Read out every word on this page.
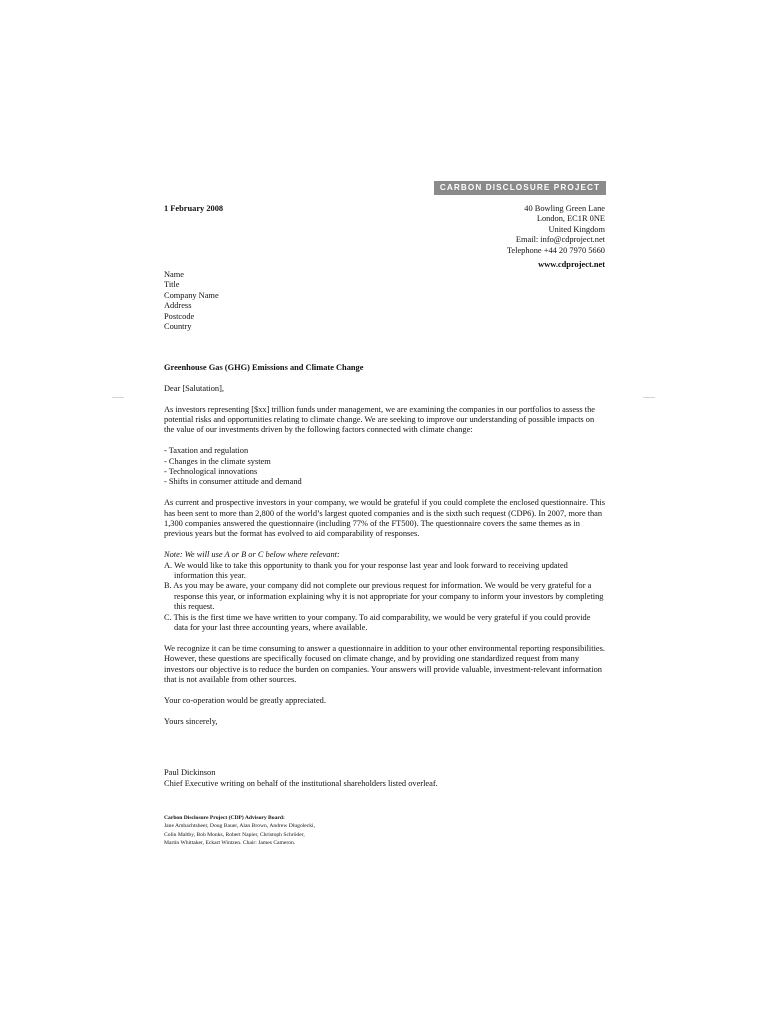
CARBON DISCLOSURE PROJECT
1 February 2008	40 Bowling Green Lane
London, EC1R 0NE
United Kingdom
Email: info@cdproject.net
Telephone +44 20 7970 5660
www.cdproject.net
Name
Title
Company Name
Address
Postcode
Country

Greenhouse Gas (GHG) Emissions and Climate Change

Dear [Salutation],

As investors representing [$xx] trillion funds under management, we are examining the companies in our portfolios to assess the potential risks and opportunities relating to climate change. We are seeking to improve our understanding of possible impacts on the value of our investments driven by the following factors connected with climate change:

- Taxation and regulation
- Changes in the climate system
- Technological innovations
- Shifts in consumer attitude and demand

As current and prospective investors in your company, we would be grateful if you could complete the enclosed questionnaire. This has been sent to more than 2,800 of the world’s largest quoted companies and is the sixth such request (CDP6). In 2007, more than 1,300 companies answered the questionnaire (including 77% of the FT500). The questionnaire covers the same themes as in previous years but the format has evolved to aid comparability of responses.

Note: We will use A or B or C below where relevant:

A. We would like to take this opportunity to thank you for your response last year and look forward to receiving updated information this year.

B. As you may be aware, your company did not complete our previous request for information. We would be very grateful for a response this year, or information explaining why it is not appropriate for your company to inform your investors by completing this request.

C. This is the first time we have written to your company. To aid comparability, we would be very grateful if you could provide data for your last three accounting years, where available.

We recognize it can be time consuming to answer a questionnaire in addition to your other environmental reporting responsibilities. However, these questions are specifically focused on climate change, and by providing one standardized request from many investors our objective is to reduce the burden on companies. Your answers will provide valuable, investment-relevant information that is not available from other sources.

Your co-operation would be greatly appreciated.

Yours sincerely,

Paul Dickinson

Chief Executive writing on behalf of the institutional shareholders listed overleaf.

Carbon Disclosure Project (CDP) Advisory Board:
Jane Ambachtsheer, Doug Bauer, Alan Brown, Andrew Dlugolecki,
Colin Maltby, Bob Monks, Robert Napier, Christoph Schröder,
Martin Whittaker, Eckart Wintzen. Chair: James Cameron.
